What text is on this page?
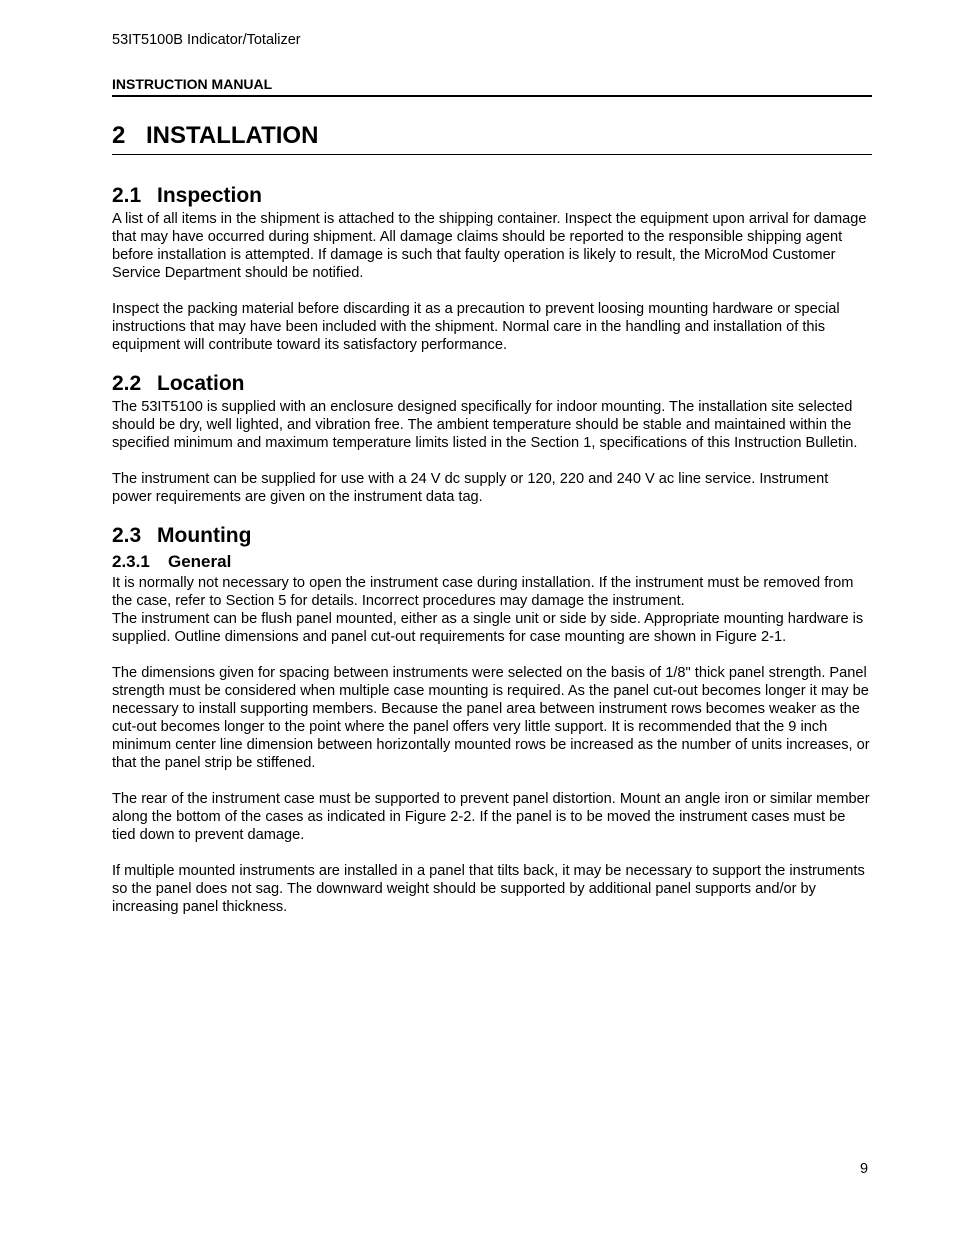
53IT5100B Indicator/Totalizer
INSTRUCTION MANUAL
2 INSTALLATION
2.1 Inspection

A list of all items in the shipment is attached to the shipping container. Inspect the equipment upon arrival for damage that may have occurred during shipment. All damage claims should be reported to the responsible shipping agent before installation is attempted. If damage is such that faulty operation is likely to result, the MicroMod Customer Service Department should be notified.

Inspect the packing material before discarding it as a precaution to prevent loosing mounting hardware or special instructions that may have been included with the shipment. Normal care in the handling and installation of this equipment will contribute toward its satisfactory performance.

2.2 Location

The 53IT5100 is supplied with an enclosure designed specifically for indoor mounting. The installation site selected should be dry, well lighted, and vibration free. The ambient temperature should be stable and maintained within the specified minimum and maximum temperature limits listed in the Section 1, specifications of this Instruction Bulletin.

The instrument can be supplied for use with a 24 V dc supply or 120, 220 and 240 V ac line service. Instrument power requirements are given on the instrument data tag.

2.3 Mounting
2.3.1 General

It is normally not necessary to open the instrument case during installation. If the instrument must be removed from the case, refer to Section 5 for details. Incorrect procedures may damage the instrument.

The instrument can be flush panel mounted, either as a single unit or side by side. Appropriate mounting hardware is supplied. Outline dimensions and panel cut-out requirements for case mounting are shown in Figure 2-1.

The dimensions given for spacing between instruments were selected on the basis of 1/8" thick panel strength. Panel strength must be considered when multiple case mounting is required. As the panel cut-out becomes longer it may be necessary to install supporting members. Because the panel area between instrument rows becomes weaker as the cut-out becomes longer to the point where the panel offers very little support. It is recommended that the 9 inch minimum center line dimension between horizontally mounted rows be increased as the number of units increases, or that the panel strip be stiffened.

The rear of the instrument case must be supported to prevent panel distortion. Mount an angle iron or similar member along the bottom of the cases as indicated in Figure 2-2. If the panel is to be moved the instrument cases must be tied down to prevent damage.

If multiple mounted instruments are installed in a panel that tilts back, it may be necessary to support the instruments so the panel does not sag. The downward weight should be supported by additional panel supports and/or by increasing panel thickness.

9
